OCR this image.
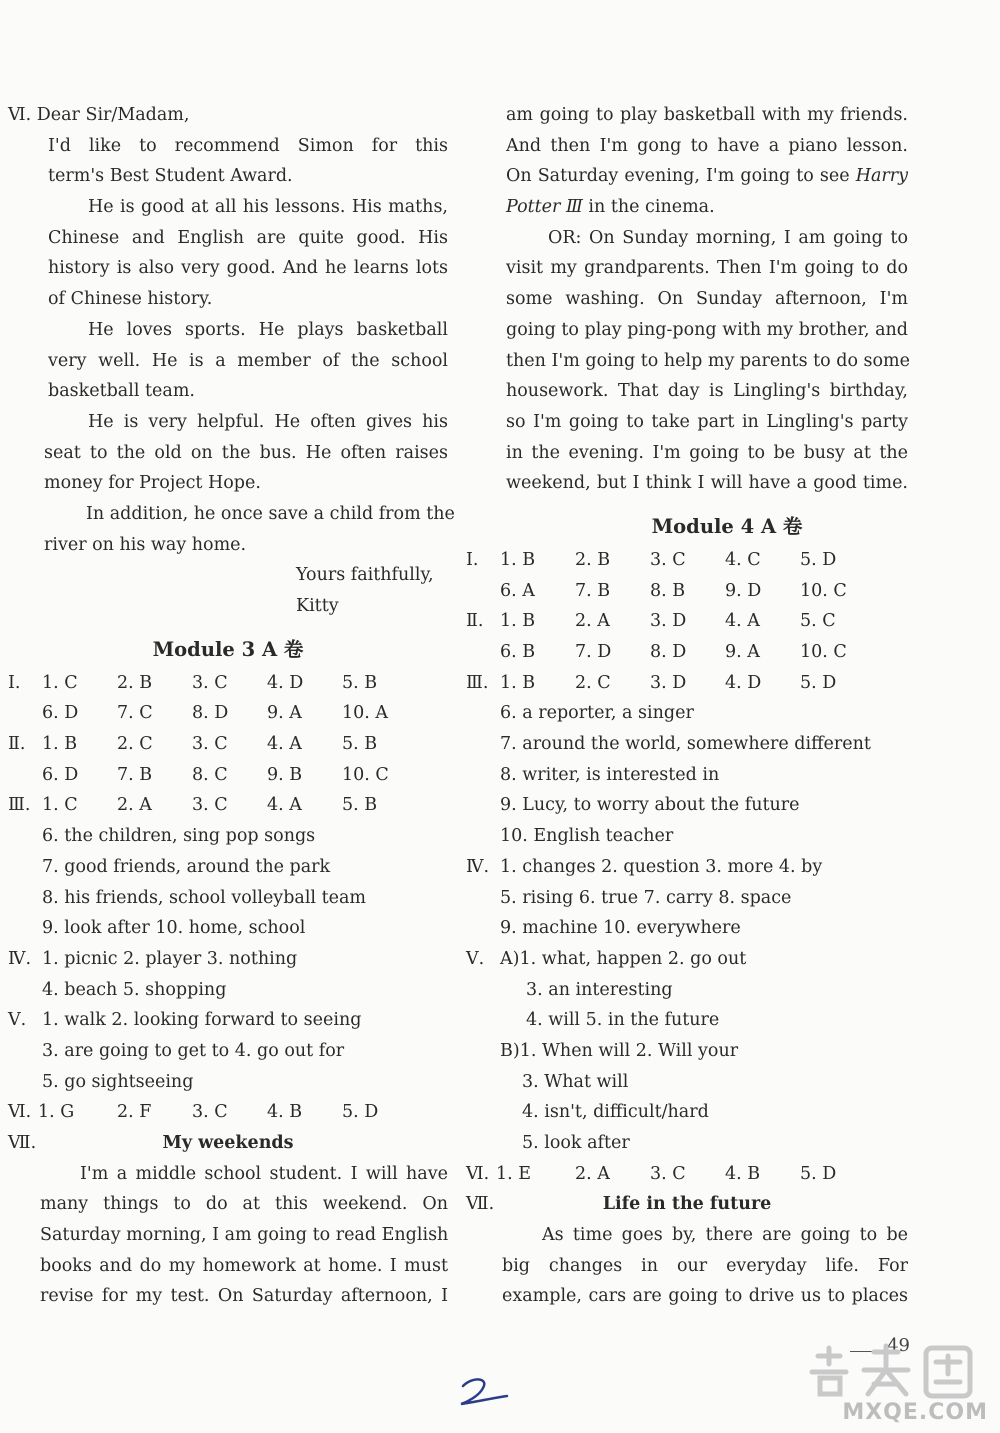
Ⅵ. Dear Sir/Madam,
I'd like to recommend Simon for this
term's Best Student Award.
He is good at all his lessons. His maths,
Chinese and English are quite good. His
history is also very good. And he learns lots
of Chinese history.
He loves sports. He plays basketball
very well. He is a member of the school
basketball team.
He is very helpful. He often gives his
seat to the old on the bus. He often raises
money for Project Hope.
In addition, he once save a child from the
river on his way home.
Yours faithfully,
Kitty
Module 3 A 卷
Ⅰ. 1. C 2. B 3. C 4. D 5. B
6. D 7. C 8. D 9. A 10. A
Ⅱ. 1. B 2. C 3. C 4. A 5. B
6. D 7. B 8. C 9. B 10. C
Ⅲ. 1. C 2. A 3. C 4. A 5. B
6. the children, sing pop songs
7. good friends, around the park
8. his friends, school volleyball team
9. look after 10. home, school
Ⅳ. 1. picnic 2. player 3. nothing
4. beach 5. shopping
Ⅴ. 1. walk 2. looking forward to seeing
3. are going to get to 4. go out for
5. go sightseeing
Ⅵ. 1. G 2. F 3. C 4. B 5. D
Ⅶ.	My weekends
I'm a middle school student. I will have
many things to do at this weekend. On
Saturday morning, I am going to read English
books and do my homework at home. I must
revise for my test. On Saturday afternoon, I
am going to play basketball with my friends.
And then I'm gong to have a piano lesson.
On Saturday evening, I'm going to see Harry
Potter Ⅲ in the cinema.
OR: On Sunday morning, I am going to
visit my grandparents. Then I'm going to do
some washing. On Sunday afternoon, I'm
going to play ping-pong with my brother, and
then I'm going to help my parents to do some
housework. That day is Lingling's birthday,
so I'm going to take part in Lingling's party
in the evening. I'm going to be busy at the
weekend, but I think I will have a good time.
Module 4 A 卷
Ⅰ. 1. B 2. B 3. C 4. C 5. D
6. A 7. B 8. B 9. D 10. C
Ⅱ. 1. B 2. A 3. D 4. A 5. C
6. B 7. D 8. D 9. A 10. C
Ⅲ. 1. B 2. C 3. D 4. D 5. D
6. a reporter, a singer
7. around the world, somewhere different
8. writer, is interested in
9. Lucy, to worry about the future
10. English teacher
Ⅳ. 1. changes 2. question 3. more 4. by
5. rising 6. true 7. carry 8. space
9. machine 10. everywhere
Ⅴ. A)1. what, happen 2. go out
3. an interesting
4. will 5. in the future
B)1. When will 2. Will your
3. What will
4. isn't, difficult/hard
5. look after
Ⅵ. 1. E	2. A 3. C 4. B 5. D
Ⅶ.	Life in the future
As time goes by, there are going to be
big changes in our everyday life. For
example, cars are going to drive us to places
49
MXQE.COM
